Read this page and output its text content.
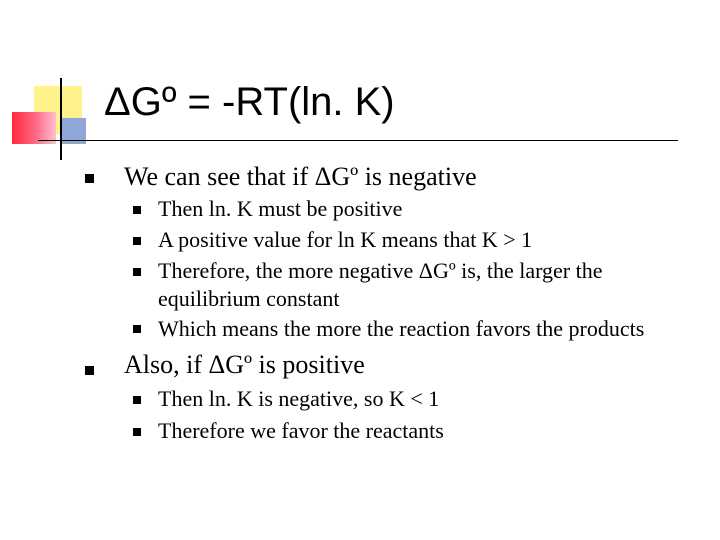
ΔGº = -RT(ln. K)
We can see that if ΔGº is negative
Then ln. K must be positive
A positive value for ln K means that K > 1
Therefore, the more negative ΔGº is, the larger the
equilibrium constant
Which means the more the reaction favors the products
Also, if ΔGº is positive
Then ln. K is negative, so K < 1
Therefore we favor the reactants
